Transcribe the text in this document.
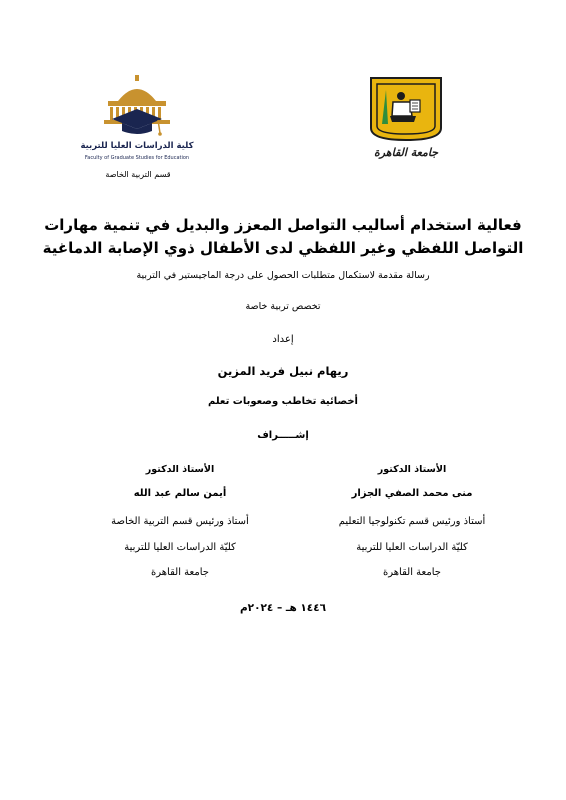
كلية الدراسات العليا للتربية
Faculty of Graduate Studies for Education	جامعة القاهرة
قسم التربية الخاصة
فعالية استخدام أساليب التواصل المعزز والبديل في تنمية مهارات
التواصل اللفظي وغير اللفظي لدى الأطفال ذوي الإصابة الدماغية
رسالة مقدمة لاستكمال متطلبات الحصول على درجة الماجيستير في التربية
تخصص تربية خاصة
إعداد
ريهام نبيل فريد المزين
أخصائية تخاطب وصعوبات تعلم
إشـــــراف
الأستاذ الدكتور
منى محمد الصفي الجزار
أستاذ ورئيس قسم تكنولوجيا التعليم
كليّة الدراسات العليا للتربية
جامعة القاهرة
الأستاذ الدكتور
أيمن سالم عبد الله
أستاذ ورئيس قسم التربية الخاصة
كليّة الدراسات العليا للتربية
جامعة القاهرة
١٤٤٦ هـ – ٢٠٢٤م
